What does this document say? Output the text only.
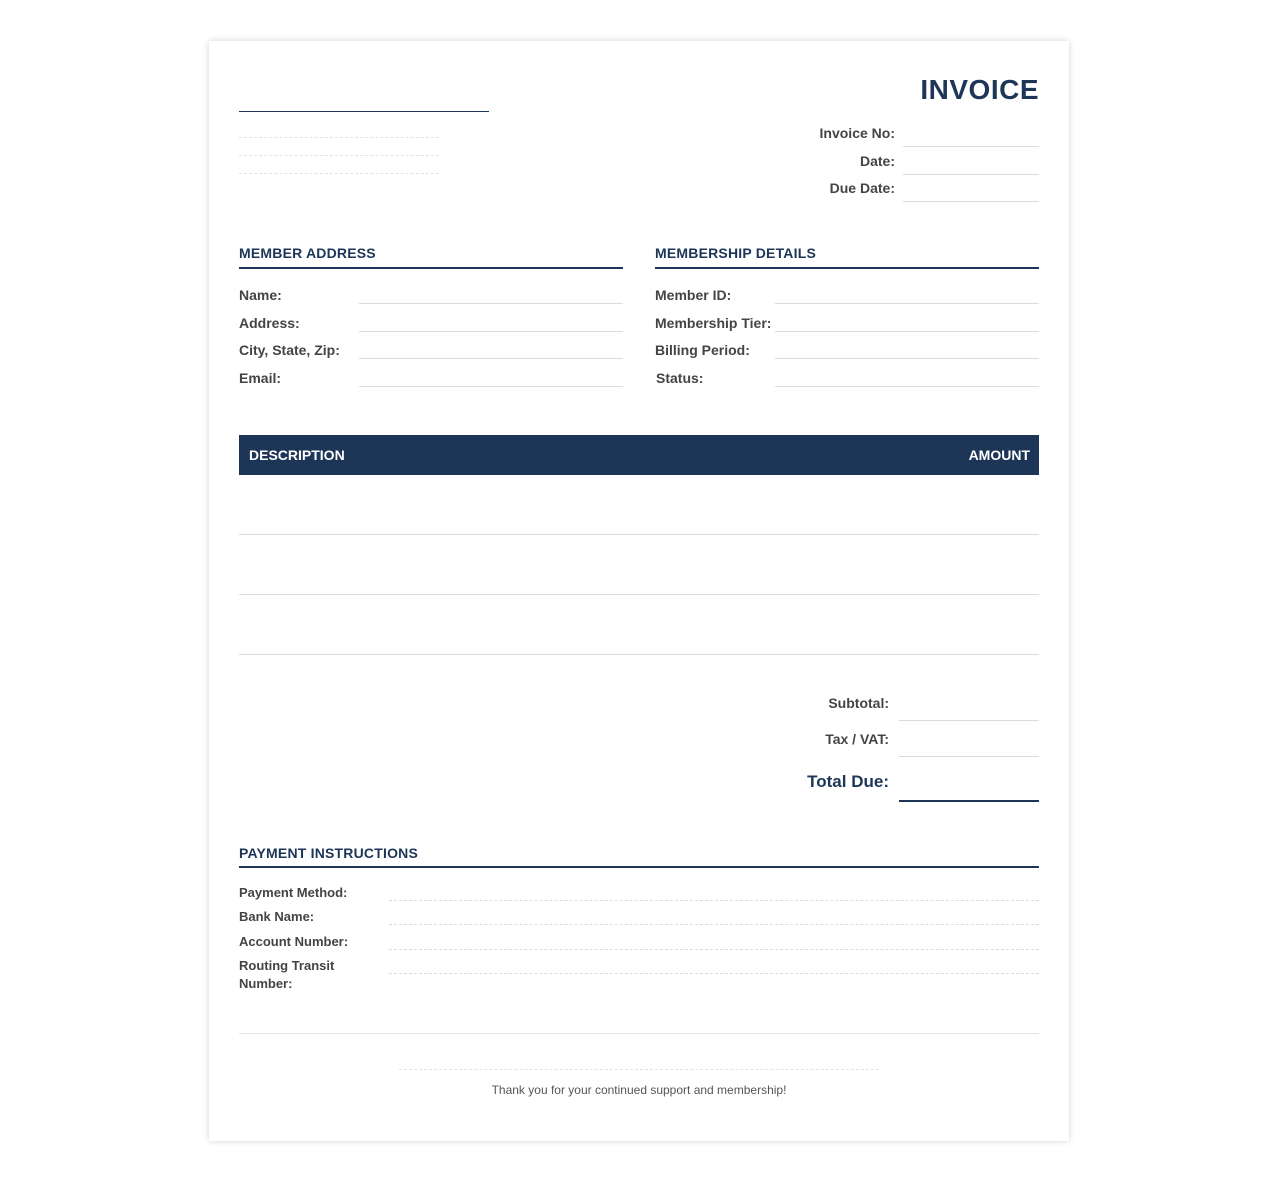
INVOICE
Invoice No:
Date:
Due Date:
MEMBER ADDRESS
Name:
Address:
City, State, Zip:
Email:
MEMBERSHIP DETAILS
Member ID:
Membership Tier:
Billing Period:
Status:
DESCRIPTION	AMOUNT
Subtotal:
Tax / VAT:
Total Due:
PAYMENT INSTRUCTIONS
Payment Method:
Bank Name:
Account Number:
Routing Transit Number:
Thank you for your continued support and membership!
